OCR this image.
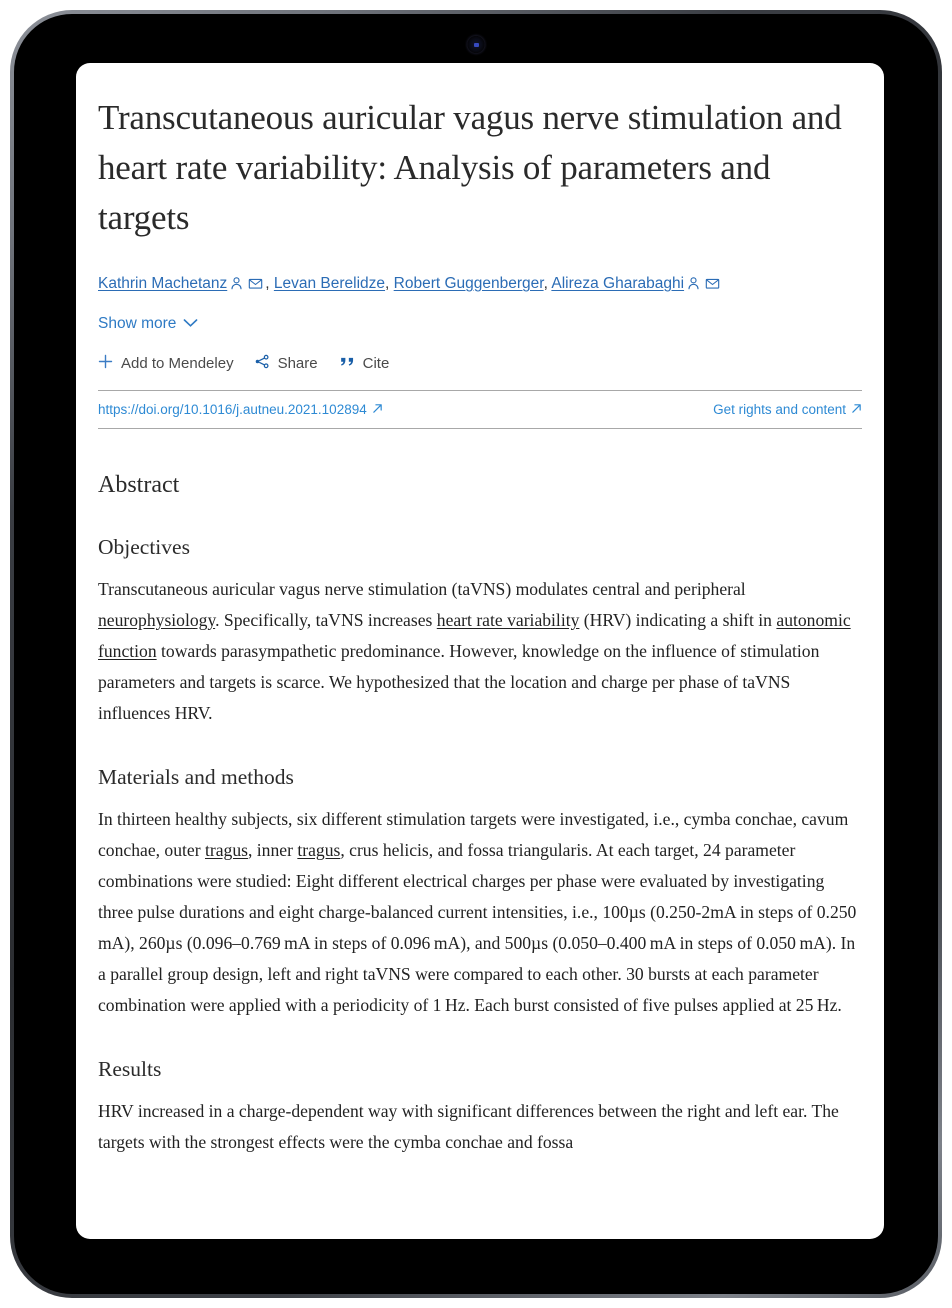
Transcutaneous auricular vagus nerve stimulation and heart rate variability: Analysis of parameters and targets
Kathrin Machetanz , Levan Berelidze, Robert Guggenberger, Alireza Gharabaghi
Show more
Add to Mendeley	Share	Cite
https://doi.org/10.1016/j.autneu.2021.102894	Get rights and content
Abstract
Objectives

Transcutaneous auricular vagus nerve stimulation (taVNS) modulates central and peripheral neurophysiology. Specifically, taVNS increases heart rate variability (HRV) indicating a shift in autonomic function towards parasympathetic predominance. However, knowledge on the influence of stimulation parameters and targets is scarce. We hypothesized that the location and charge per phase of taVNS influences HRV.

Materials and methods

In thirteen healthy subjects, six different stimulation targets were investigated, i.e., cymba conchae, cavum conchae, outer tragus, inner tragus, crus helicis, and fossa triangularis. At each target, 24 parameter combinations were studied: Eight different electrical charges per phase were evaluated by investigating three pulse durations and eight charge-balanced current intensities, i.e., 100µs (0.250-2mA in steps of 0.250 mA), 260µs (0.096–0.769 mA in steps of 0.096 mA), and 500µs (0.050–0.400 mA in steps of 0.050 mA). In a parallel group design, left and right taVNS were compared to each other. 30 bursts at each parameter combination were applied with a periodicity of 1 Hz. Each burst consisted of five pulses applied at 25 Hz.

Results

HRV increased in a charge-dependent way with significant differences between the right and left ear. The targets with the strongest effects were the cymba conchae and fossa
